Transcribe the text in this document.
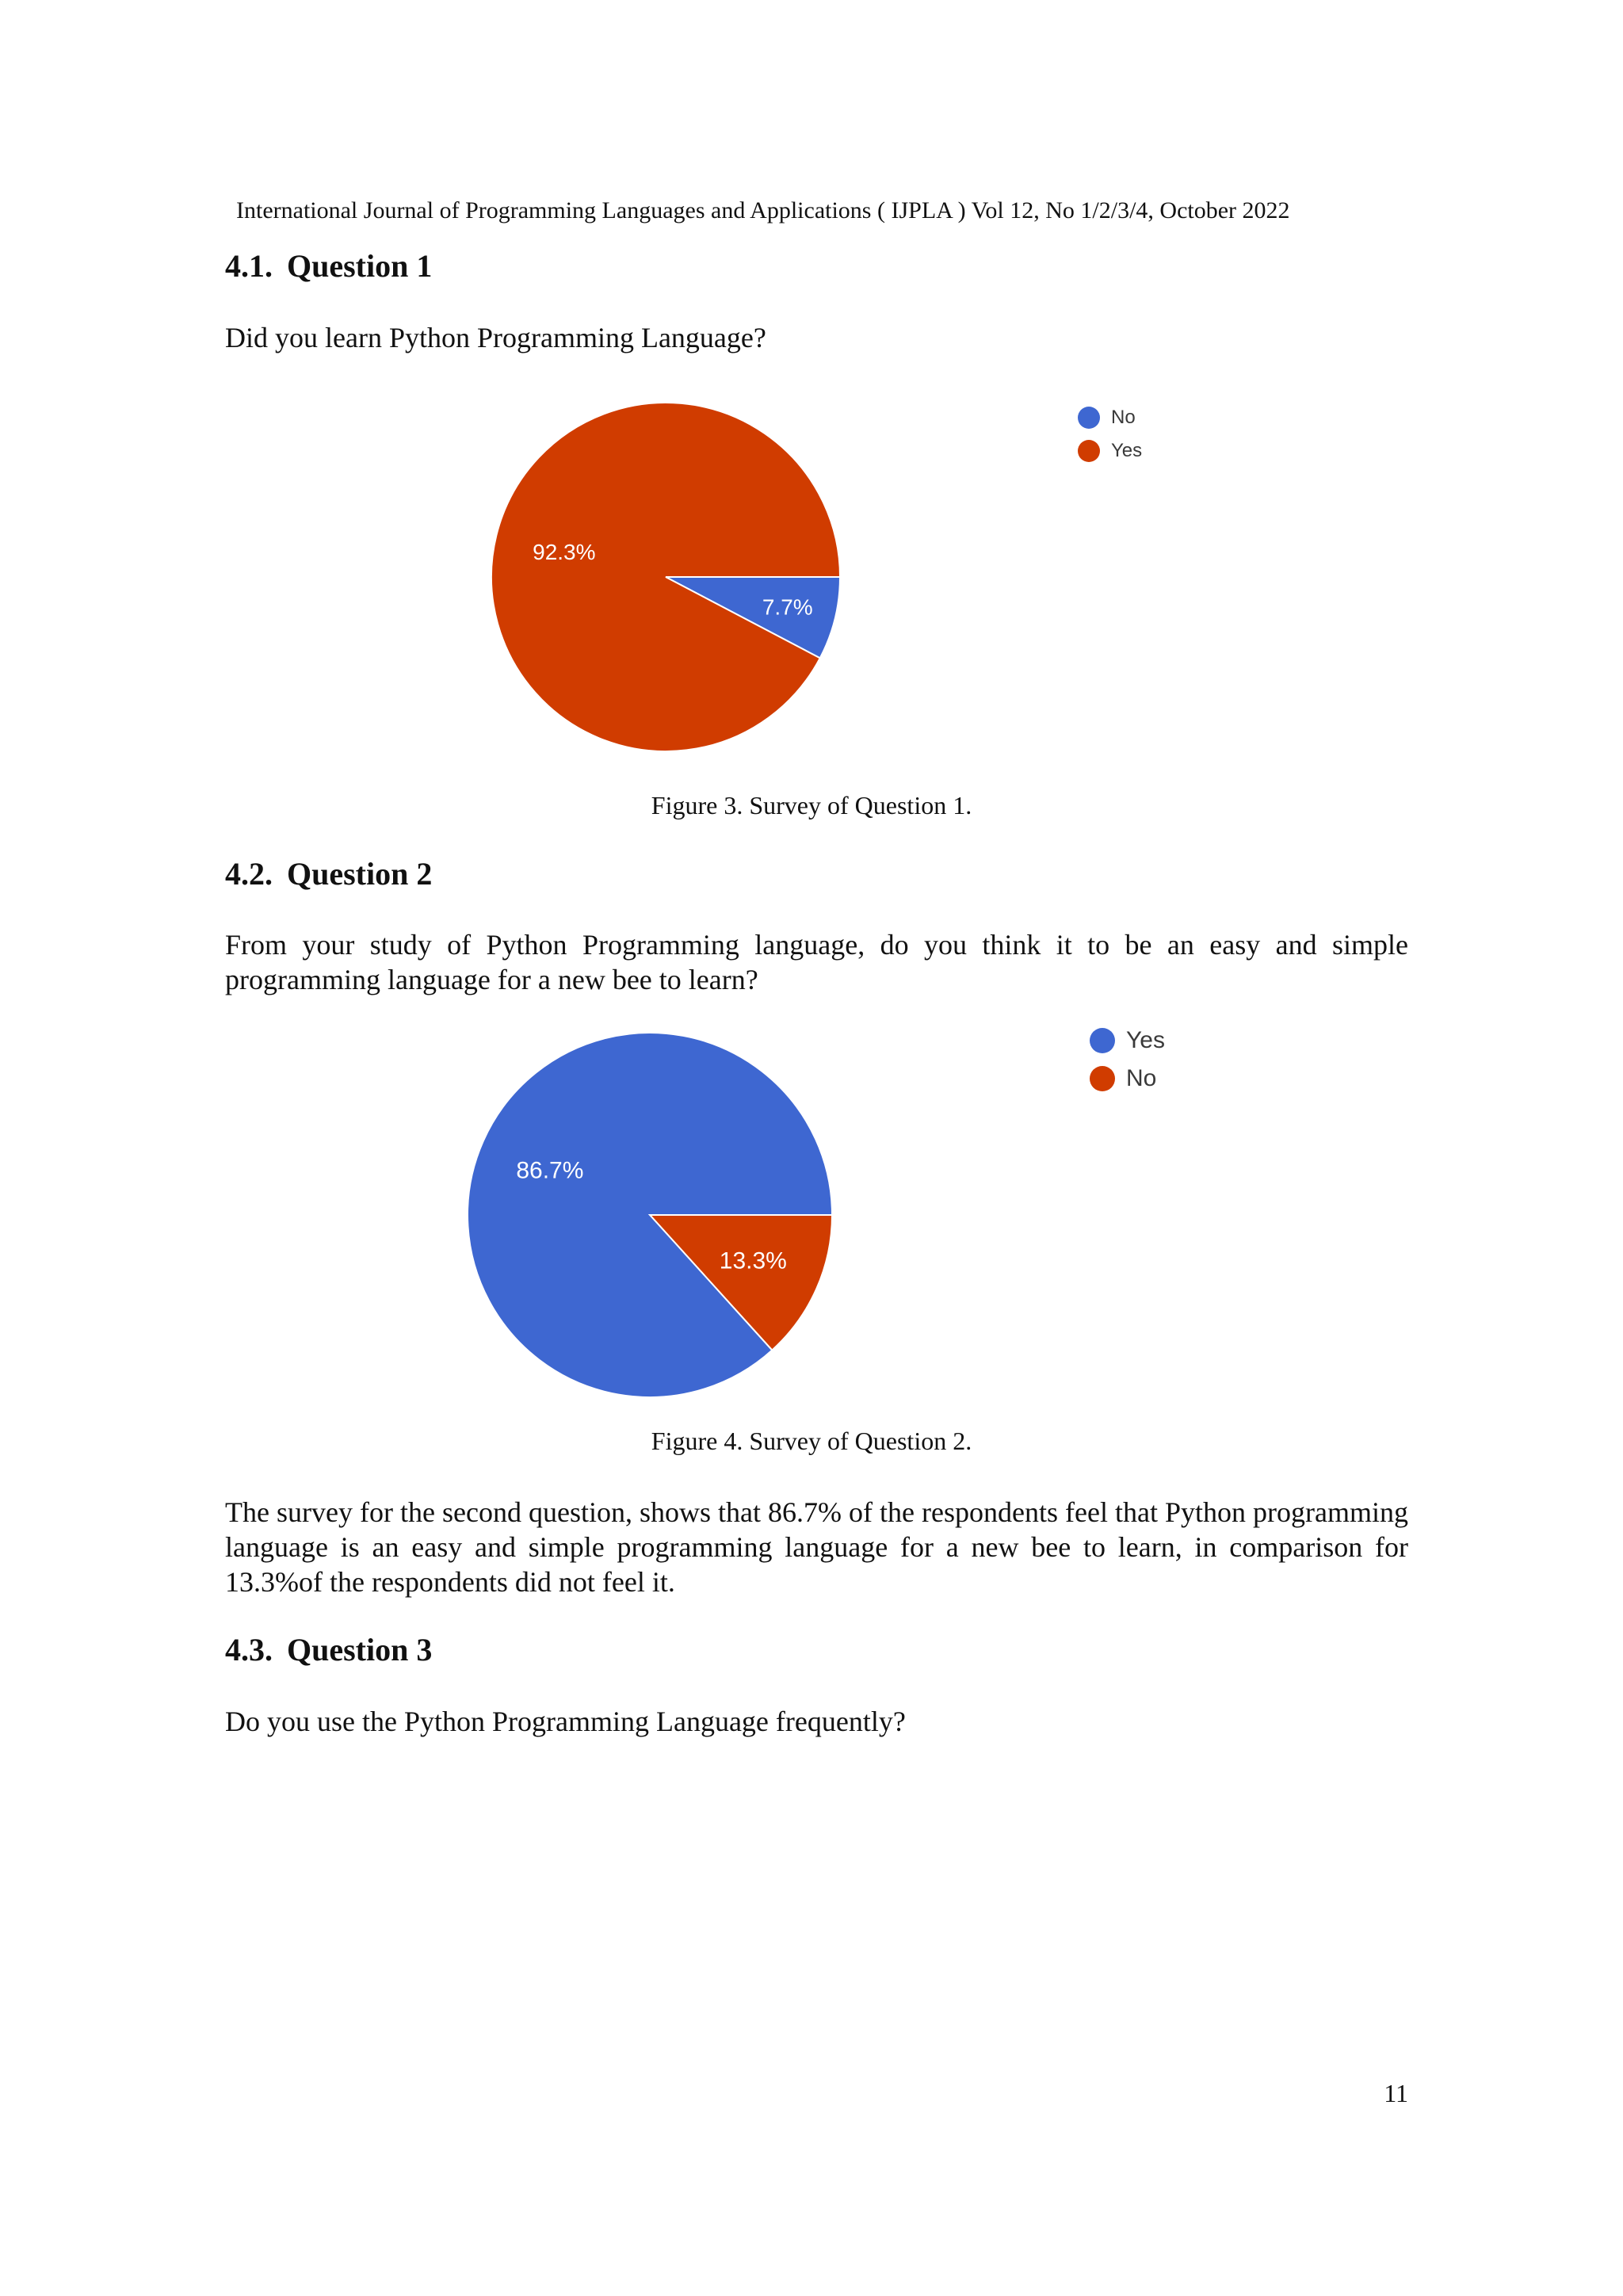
International Journal of Programming Languages and Applications ( IJPLA ) Vol 12, No 1/2/3/4, October 2022
4.1. Question 1
Did you learn Python Programming Language?
7.7%
92.3%
No
Yes
Figure 3. Survey of Question 1.
4.2. Question 2
From your study of Python Programming language, do you think it to be an easy and simple programming language for a new bee to learn?
13.3%
86.7%
Yes
No
Figure 4. Survey of Question 2.
The survey for the second question, shows that 86.7% of the respondents feel that Python programming language is an easy and simple programming language for a new bee to learn, in comparison for 13.3%of the respondents did not feel it.
4.3. Question 3
Do you use the Python Programming Language frequently?
11
